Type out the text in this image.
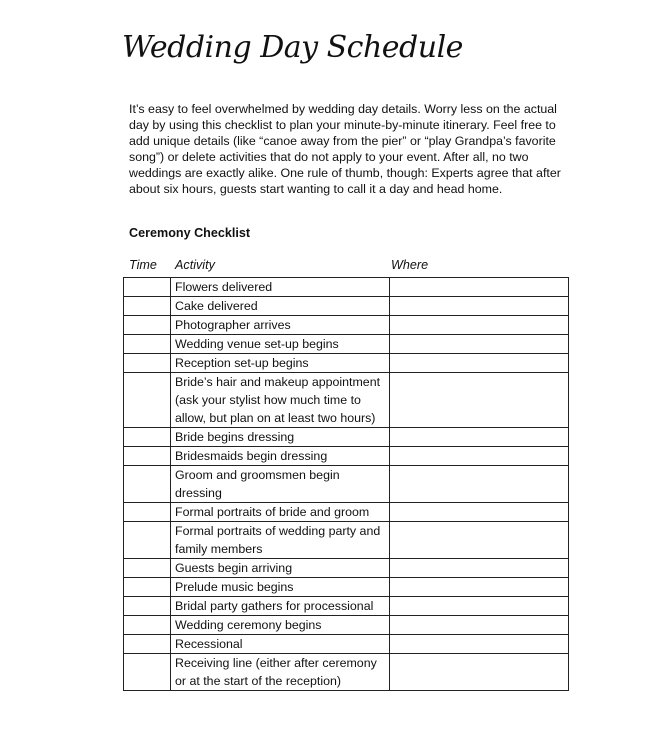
Wedding Day Schedule

It’s easy to feel overwhelmed by wedding day details. Worry less on the actual day by using this checklist to plan your minute-by-minute itinerary. Feel free to add unique details (like “canoe away from the pier” or “play Grandpa’s favorite song”) or delete activities that do not apply to your event. After all, no two weddings are exactly alike. One rule of thumb, though: Experts agree that after about six hours, guests start wanting to call it a day and head home.

Ceremony Checklist
Time Activity	Where
	Flowers delivered	
	Cake delivered	
	Photographer arrives	
	Wedding venue set-up begins	
	Reception set-up begins	
	Bride’s hair and makeup appointment (ask your stylist how much time to allow, but plan on at least two hours)	
	Bride begins dressing	
	Bridesmaids begin dressing	
	Groom and groomsmen begin dressing	
	Formal portraits of bride and groom	
	Formal portraits of wedding party and family members	
	Guests begin arriving	
	Prelude music begins	
	Bridal party gathers for processional	
	Wedding ceremony begins	
	Recessional	
	Receiving line (either after ceremony or at the start of the reception)	
